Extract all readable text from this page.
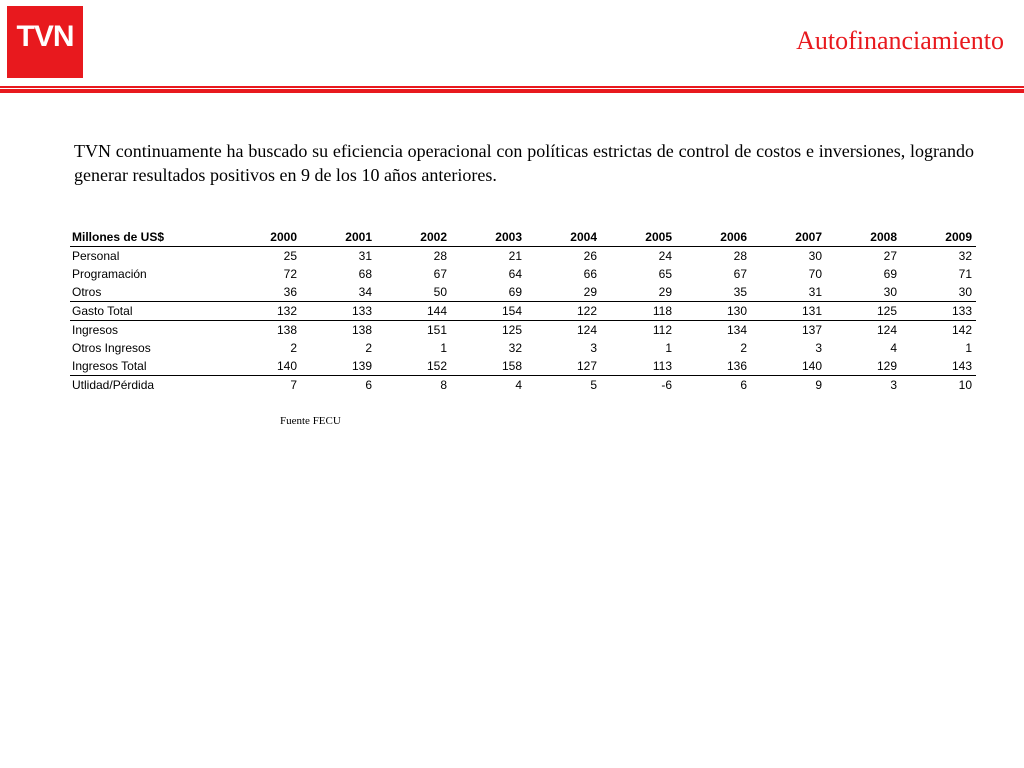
TVN	Autofinanciamiento
TVN continuamente ha buscado su eficiencia operacional con políticas estrictas de control de costos e inversiones, logrando generar resultados positivos en 9 de los 10 años anteriores.
Millones de US$	2000	2001	2002	2003	2004	2005	2006	2007	2008	2009
Personal	25	31	28	21	26	24	28	30	27	32
Programación	72	68	67	64	66	65	67	70	69	71
Otros	36	34	50	69	29	29	35	31	30	30
Gasto Total	132	133	144	154	122	118	130	131	125	133
Ingresos	138	138	151	125	124	112	134	137	124	142
Otros Ingresos	2	2	1	32	3	1	2	3	4	1
Ingresos Total	140	139	152	158	127	113	136	140	129	143
Utlidad/Pérdida	7	6	8	4	5	-6	6	9	3	10
Fuente FECU
